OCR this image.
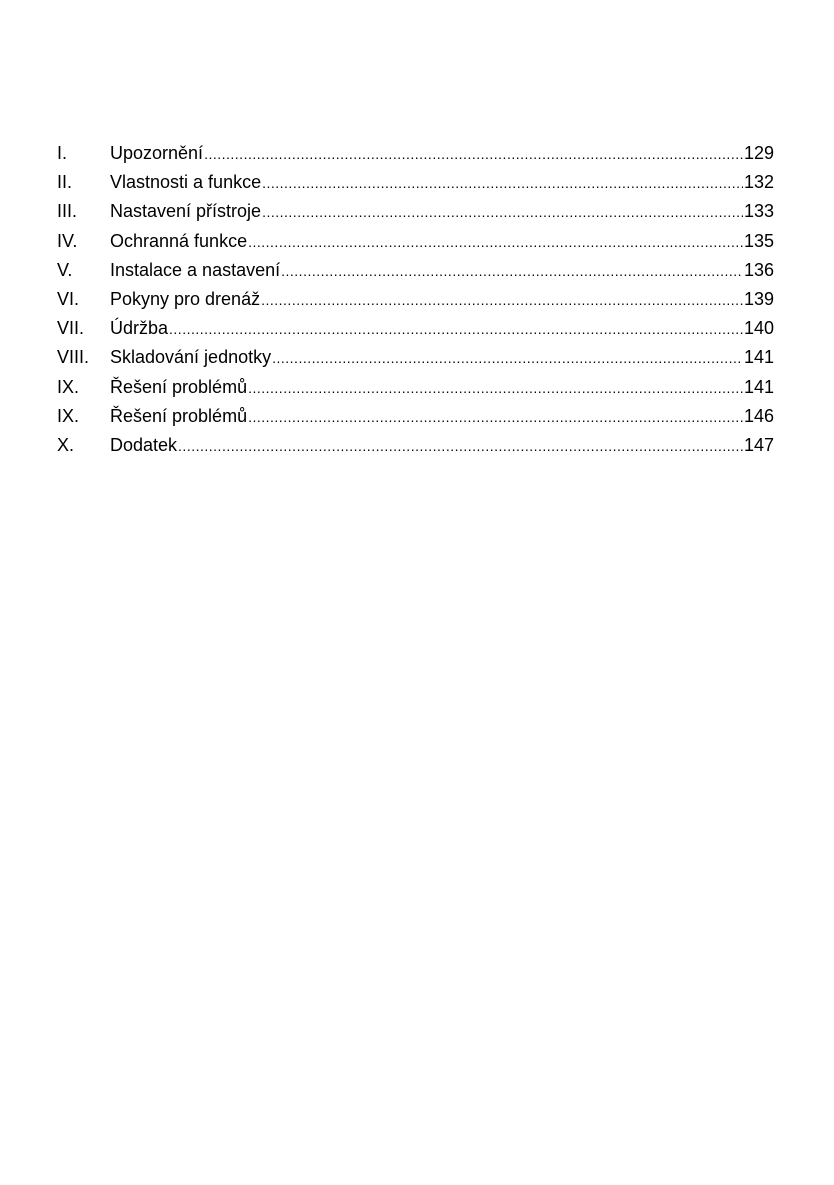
I.	Upozornění .....	129
II.	Vlastnosti a funkce .....	132
III.	Nastavení přístroje .....	133
IV.	Ochranná funkce .....	135
V.	Instalace a nastavení .....	136
VI.	Pokyny pro drenáž .....	139
VII.	Údržba .....	140
VIII.	Skladování jednotky .....	141
IX.	Řešení problémů .....	141
IX.	Řešení problémů .....	146
X.	Dodatek .....	147
